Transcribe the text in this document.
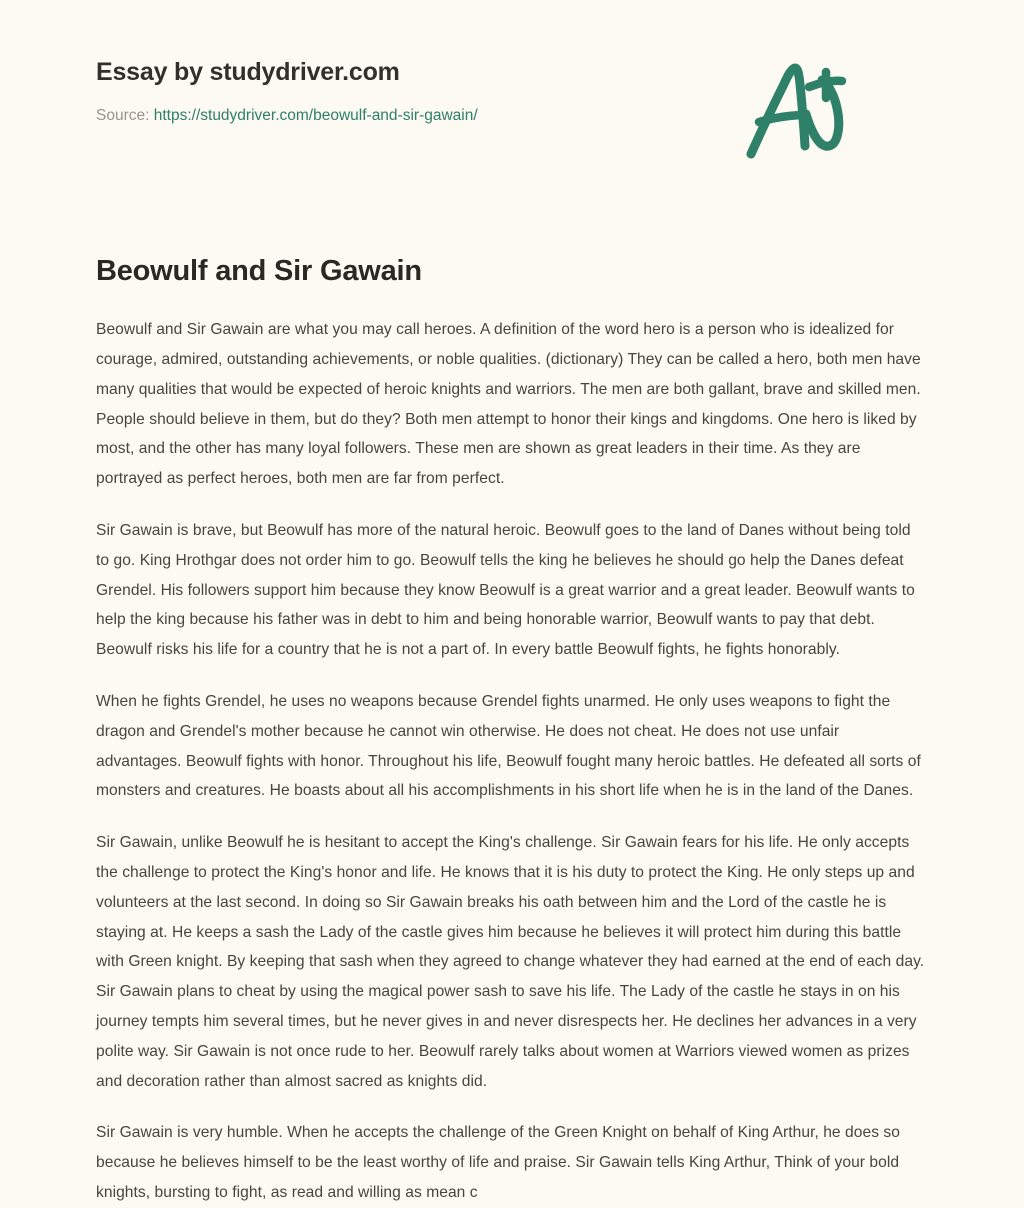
Essay by studydriver.com
Source: https://studydriver.com/beowulf-and-sir-gawain/
Beowulf and Sir Gawain

Beowulf and Sir Gawain are what you may call heroes. A definition of the word hero is a person who is idealized for courage, admired, outstanding achievements, or noble qualities. (dictionary) They can be called a hero, both men have many qualities that would be expected of heroic knights and warriors. The men are both gallant, brave and skilled men. People should believe in them, but do they? Both men attempt to honor their kings and kingdoms. One hero is liked by most, and the other has many loyal followers. These men are shown as great leaders in their time. As they are portrayed as perfect heroes, both men are far from perfect.

Sir Gawain is brave, but Beowulf has more of the natural heroic. Beowulf goes to the land of Danes without being told to go. King Hrothgar does not order him to go. Beowulf tells the king he believes he should go help the Danes defeat Grendel. His followers support him because they know Beowulf is a great warrior and a great leader. Beowulf wants to help the king because his father was in debt to him and being honorable warrior, Beowulf wants to pay that debt. Beowulf risks his life for a country that he is not a part of. In every battle Beowulf fights, he fights honorably.

When he fights Grendel, he uses no weapons because Grendel fights unarmed. He only uses weapons to fight the dragon and Grendel's mother because he cannot win otherwise. He does not cheat. He does not use unfair advantages. Beowulf fights with honor. Throughout his life, Beowulf fought many heroic battles. He defeated all sorts of monsters and creatures. He boasts about all his accomplishments in his short life when he is in the land of the Danes.

Sir Gawain, unlike Beowulf he is hesitant to accept the King's challenge. Sir Gawain fears for his life. He only accepts the challenge to protect the King's honor and life. He knows that it is his duty to protect the King. He only steps up and volunteers at the last second. In doing so Sir Gawain breaks his oath between him and the Lord of the castle he is staying at. He keeps a sash the Lady of the castle gives him because he believes it will protect him during this battle with Green knight. By keeping that sash when they agreed to change whatever they had earned at the end of each day. Sir Gawain plans to cheat by using the magical power sash to save his life. The Lady of the castle he stays in on his journey tempts him several times, but he never gives in and never disrespects her. He declines her advances in a very polite way. Sir Gawain is not once rude to her. Beowulf rarely talks about women at Warriors viewed women as prizes and decoration rather than almost sacred as knights did.

Sir Gawain is very humble. When he accepts the challenge of the Green Knight on behalf of King Arthur, he does so because he believes himself to be the least worthy of life and praise. Sir Gawain tells King Arthur, Think of your bold knights, bursting to fight, as read and willing as mean c
